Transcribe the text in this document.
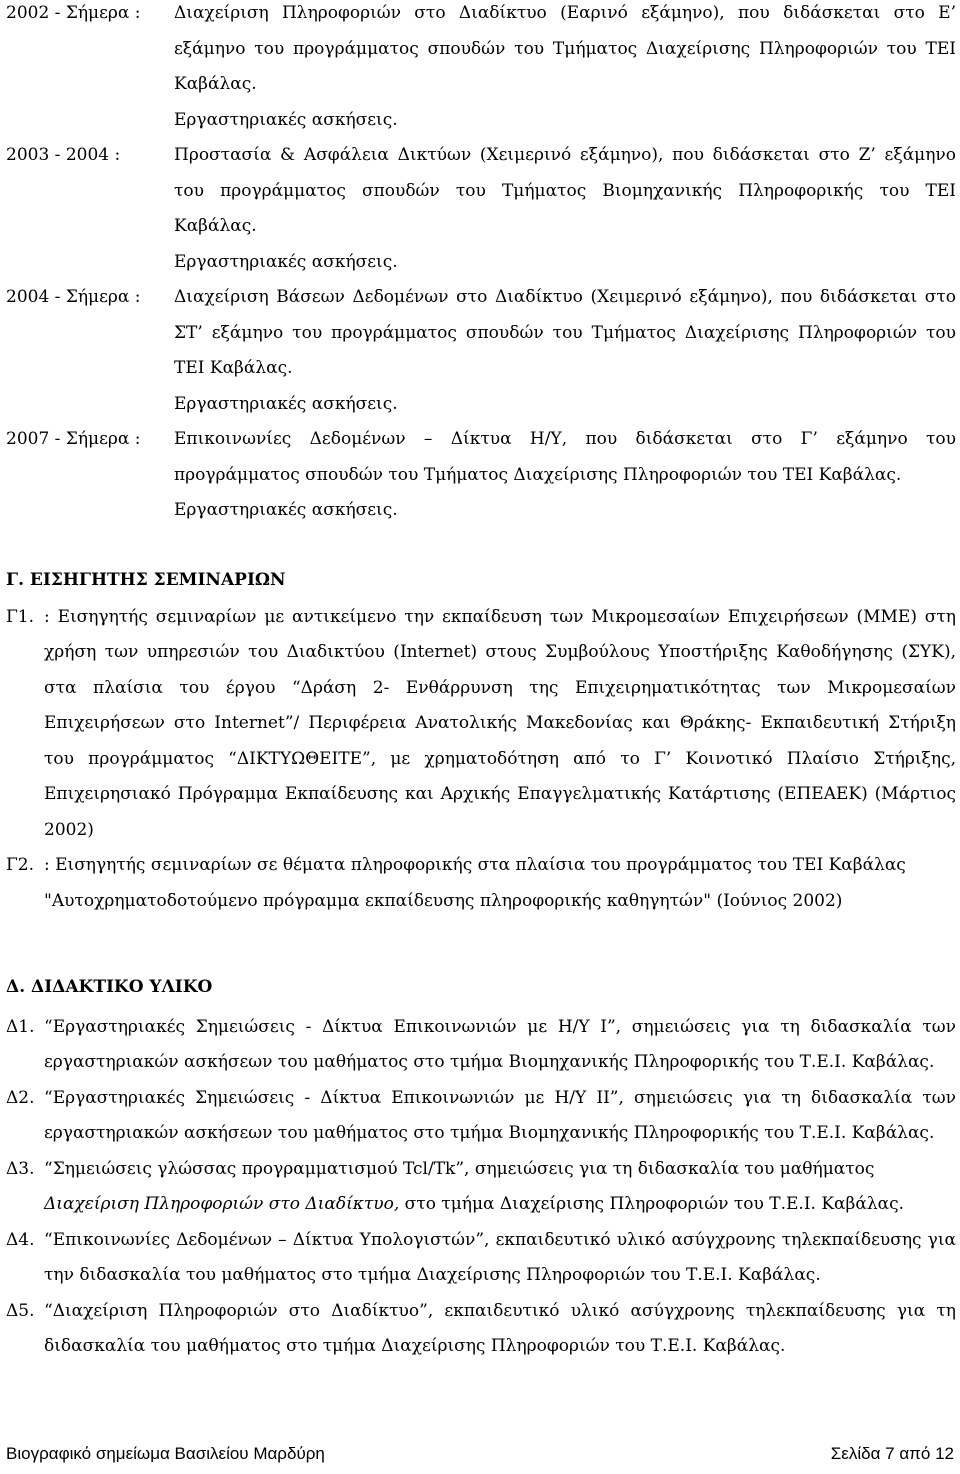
2002 - Σήμερα :	Διαχείριση Πληροφοριών στο Διαδίκτυο (Εαρινό εξάμηνο), που διδάσκεται στο Ε’ εξάμηνο του προγράμματος σπουδών του Τμήματος Διαχείρισης Πληροφοριών του ΤΕΙ Καβάλας.

Εργαστηριακές ασκήσεις.

2003 - 2004 :	Προστασία & Ασφάλεια Δικτύων (Χειμερινό εξάμηνο), που διδάσκεται στο Ζ’ εξάμηνο του προγράμματος σπουδών του Τμήματος Βιομηχανικής Πληροφορικής του ΤΕΙ Καβάλας.

Εργαστηριακές ασκήσεις.

2004 - Σήμερα :	Διαχείριση Βάσεων Δεδομένων στο Διαδίκτυο (Χειμερινό εξάμηνο), που διδάσκεται στο ΣΤ’ εξάμηνο του προγράμματος σπουδών του Τμήματος Διαχείρισης Πληροφοριών του ΤΕΙ Καβάλας.

Εργαστηριακές ασκήσεις.

2007 - Σήμερα :	Επικοινωνίες Δεδομένων – Δίκτυα Η/Υ, που διδάσκεται στο Γ’ εξάμηνο του προγράμματος σπουδών του Τμήματος Διαχείρισης Πληροφοριών του ΤΕΙ Καβάλας.

Εργαστηριακές ασκήσεις.

Γ. ΕΙΣΗΓΗΤΗΣ ΣΕΜΙΝΑΡΙΩΝ
Γ1. : Εισηγητής σεμιναρίων με αντικείμενο την εκπαίδευση των Μικρομεσαίων Επιχειρήσεων (ΜΜΕ) στη χρήση των υπηρεσιών του Διαδικτύου (Internet) στους Συμβούλους Υποστήριξης Καθοδήγησης (ΣΥΚ), στα πλαίσια του έργου “Δράση 2- Ενθάρρυνση της Επιχειρηματικότητας των Μικρομεσαίων Επιχειρήσεων στο Internet”/ Περιφέρεια Ανατολικής Μακεδονίας και Θράκης- Εκπαιδευτική Στήριξη του προγράμματος “ΔΙΚΤΥΩΘΕΙΤΕ”, με χρηματοδότηση από το Γ’ Κοινοτικό Πλαίσιο Στήριξης, Επιχειρησιακό Πρόγραμμα Εκπαίδευσης και Αρχικής Επαγγελματικής Κατάρτισης (ΕΠΕΑΕΚ) (Μάρτιος 2002)

Γ2. : Εισηγητής σεμιναρίων σε θέματα πληροφορικής στα πλαίσια του προγράμματος του ΤΕΙ Καβάλας

"Αυτοχρηματοδοτούμενο πρόγραμμα εκπαίδευσης πληροφορικής καθηγητών" (Ιούνιος 2002)

Δ. ΔΙΔΑΚΤΙΚΟ ΥΛΙΚΟ
Δ1. “Εργαστηριακές Σημειώσεις - Δίκτυα Επικοινωνιών με Η/Υ Ι”, σημειώσεις για τη διδασκαλία των εργαστηριακών ασκήσεων του μαθήματος στο τμήμα Βιομηχανικής Πληροφορικής του Τ.Ε.Ι. Καβάλας.

Δ2. “Εργαστηριακές Σημειώσεις - Δίκτυα Επικοινωνιών με Η/Υ ΙΙ”, σημειώσεις για τη διδασκαλία των εργαστηριακών ασκήσεων του μαθήματος στο τμήμα Βιομηχανικής Πληροφορικής του Τ.Ε.Ι. Καβάλας.

Δ3. “Σημειώσεις γλώσσας προγραμματισμού Tcl/Tk”, σημειώσεις για τη διδασκαλία του μαθήματος Διαχείριση Πληροφοριών στο Διαδίκτυο, στο τμήμα Διαχείρισης Πληροφοριών του Τ.Ε.Ι. Καβάλας.

Δ4. “Επικοινωνίες Δεδομένων – Δίκτυα Υπολογιστών”, εκπαιδευτικό υλικό ασύγχρονης τηλεκπαίδευσης για την διδασκαλία του μαθήματος στο τμήμα Διαχείρισης Πληροφοριών του Τ.Ε.Ι. Καβάλας.

Δ5. “Διαχείριση Πληροφοριών στο Διαδίκτυο”, εκπαιδευτικό υλικό ασύγχρονης τηλεκπαίδευσης για τη διδασκαλία του μαθήματος στο τμήμα Διαχείρισης Πληροφοριών του Τ.Ε.Ι. Καβάλας.

Βιογραφικό σημείωμα Βασιλείου Μαρδύρη	Σελίδα 7 από 12
